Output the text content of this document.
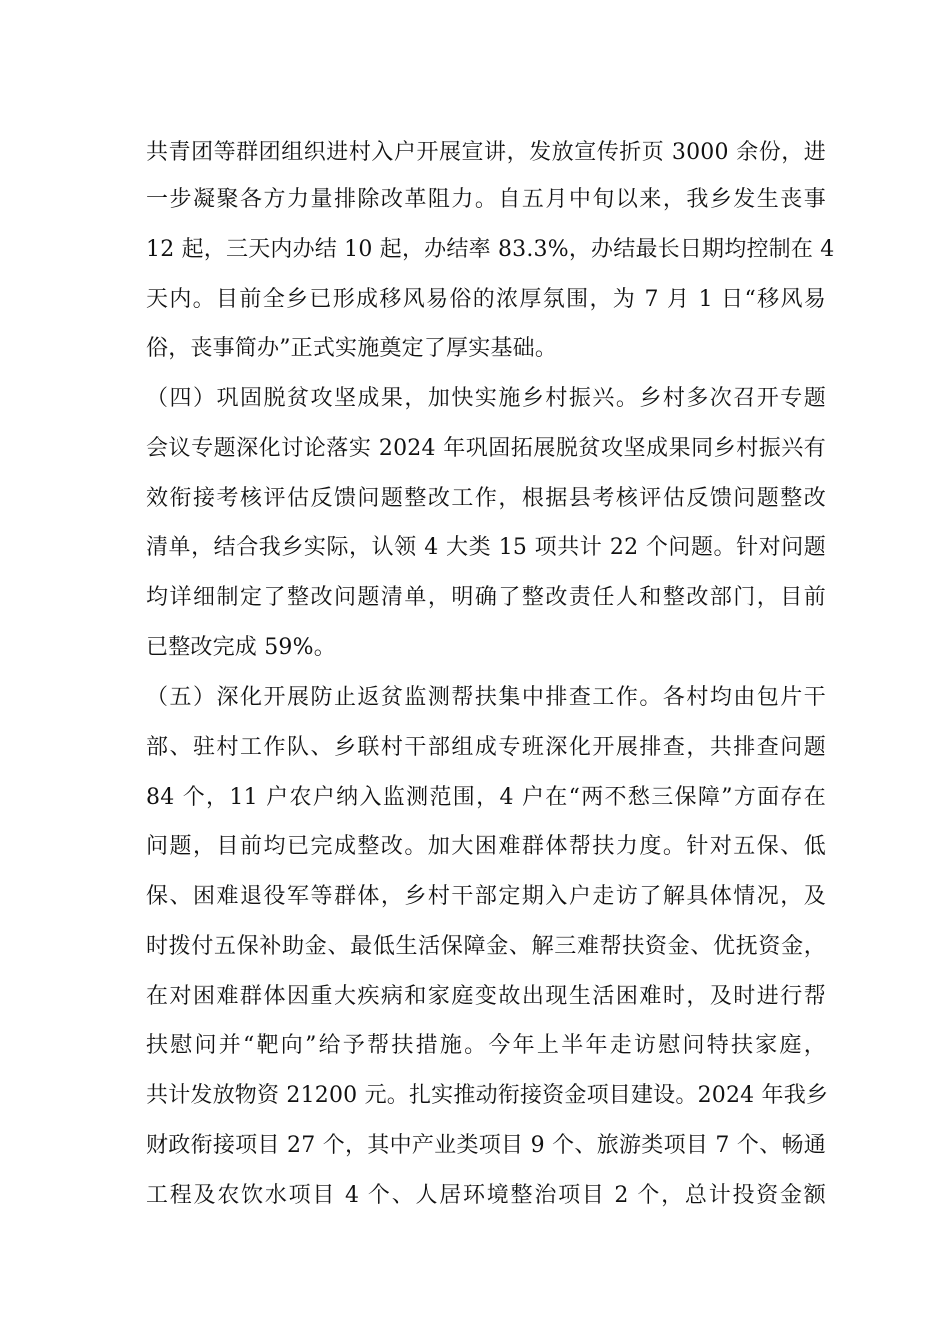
共青团等群团组织进村入户开展宣讲，发放宣传折页 3000 余份，进
一步凝聚各方力量排除改革阻力。自五月中旬以来，我乡发生丧事
12 起，三天内办结 10 起，办结率 83.3%，办结最长日期均控制在 4
天内。目前全乡已形成移风易俗的浓厚氛围，为 7 月 1 日“移风易
俗，丧事简办”正式实施奠定了厚实基础。
（四）巩固脱贫攻坚成果，加快实施乡村振兴。乡村多次召开专题
会议专题深化讨论落实 2024 年巩固拓展脱贫攻坚成果同乡村振兴有
效衔接考核评估反馈问题整改工作，根据县考核评估反馈问题整改
清单，结合我乡实际，认领 4 大类 15 项共计 22 个问题。针对问题
均详细制定了整改问题清单，明确了整改责任人和整改部门，目前
已整改完成 59%。
（五）深化开展防止返贫监测帮扶集中排查工作。各村均由包片干
部、驻村工作队、乡联村干部组成专班深化开展排查，共排查问题
84 个，11 户农户纳入监测范围，4 户在“两不愁三保障”方面存在
问题，目前均已完成整改。加大困难群体帮扶力度。针对五保、低
保、困难退役军等群体，乡村干部定期入户走访了解具体情况，及
时拨付五保补助金、最低生活保障金、解三难帮扶资金、优抚资金，
在对困难群体因重大疾病和家庭变故出现生活困难时，及时进行帮
扶慰问并“靶向”给予帮扶措施。今年上半年走访慰问特扶家庭，
共计发放物资 21200 元。扎实推动衔接资金项目建设。2024 年我乡
财政衔接项目 27 个，其中产业类项目 9 个、旅游类项目 7 个、畅通
工程及农饮水项目 4 个、人居环境整治项目 2 个，总计投资金额
